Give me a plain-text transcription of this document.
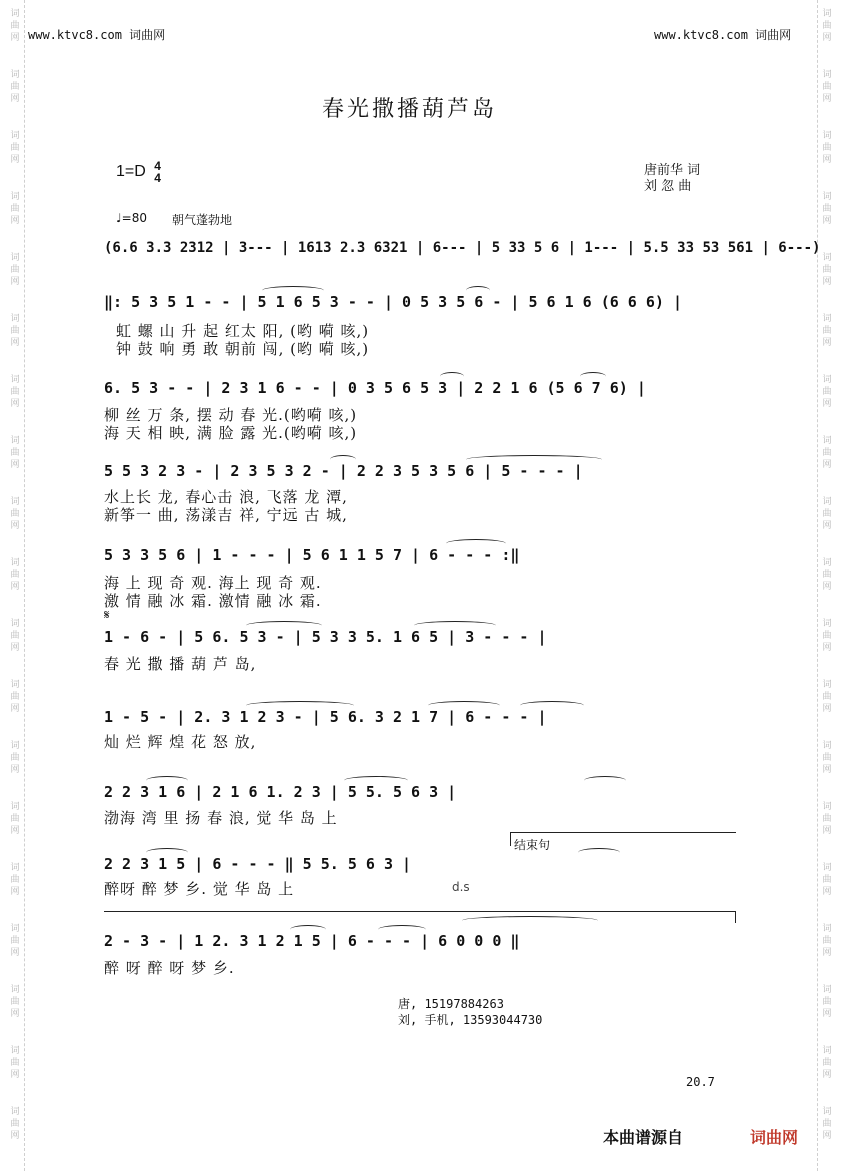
词曲网
词曲网
词曲网
词曲网
词曲网
词曲网
词曲网
词曲网
词曲网
词曲网
词曲网
词曲网
词曲网
词曲网
词曲网
词曲网
词曲网
词曲网
词曲网
词曲网
词曲网
词曲网
词曲网
词曲网
词曲网
词曲网
词曲网
词曲网
词曲网
词曲网
词曲网
词曲网
词曲网
词曲网
词曲网
词曲网
词曲网
词曲网
www.ktvc8.com 词曲网	www.ktvc8.com 词曲网
春光撒播葫芦岛
1=D 4
4	唐前华 词
刘 忽 曲
♩=80 朝气蓬勃地
(6.6 3.3 2312 | 3--- | 1613 2.3 6321 | 6--- | 5 33 5 6 | 1--- | 5.5 33 53 561 | 6---)
‖: 5 3 5 1 - - | 5 1 6 5 3 - - | 0 5 3 5 6 - | 5 6 1 6 (6 6 6) |
虹 螺 山 升 起 红太 阳, (哟 嗬 咳,)
钟 鼓 响 勇 敢 朝前 闯, (哟 嗬 咳,)
6. 5 3 - - | 2 3 1 6 - - | 0 3 5 6 5 3 | 2 2 1 6 (5 6 7 6) |
柳 丝 万 条, 摆 动 春 光.(哟嗬 咳,)
海 天 相 映, 满 脸 露 光.(哟嗬 咳,)
5 5 3 2 3 - | 2 3 5 3 2 - | 2 2 3 5 3 5 6 | 5 - - - |
水上长 龙, 春心击 浪, 飞落 龙 潭,
新筝一 曲, 荡漾吉 祥, 宁远 古 城,
5 3 3 5 6 | 1 - - - | 5 6 1 1 5 7 | 6 - - - :‖
海 上 现 奇 观. 海上 现 奇 观.
激 情 融 冰 霜. 激情 融 冰 霜.
𝄋
1 - 6 - | 5 6. 5 3 - | 5 3 3 5. 1 6 5 | 3 - - - |
春 光 撒 播 葫 芦 岛,
1 - 5 - | 2. 3 1 2 3 - | 5 6. 3 2 1 7 | 6 - - - |
灿 烂 辉 煌 花 怒 放,
2 2 3 1 6 | 2 1 6 1. 2 3 | 5 5. 5 6 3 |
渤海 湾 里 扬 春 浪, 觉 华 岛 上
结束句
2 2 3 1 5 | 6 - - - ‖ 5 5. 5 6 3 |
d.s
醉呀 醉 梦 乡. 觉 华 岛 上
2 - 3 - | 1 2. 3 1 2 1 5 | 6 - - - | 6 0 0 0 ‖
醉 呀 醉 呀 梦 乡.
唐, 15197884263
刘, 手机, 13593044730
20.7
本曲谱源自	词曲网
